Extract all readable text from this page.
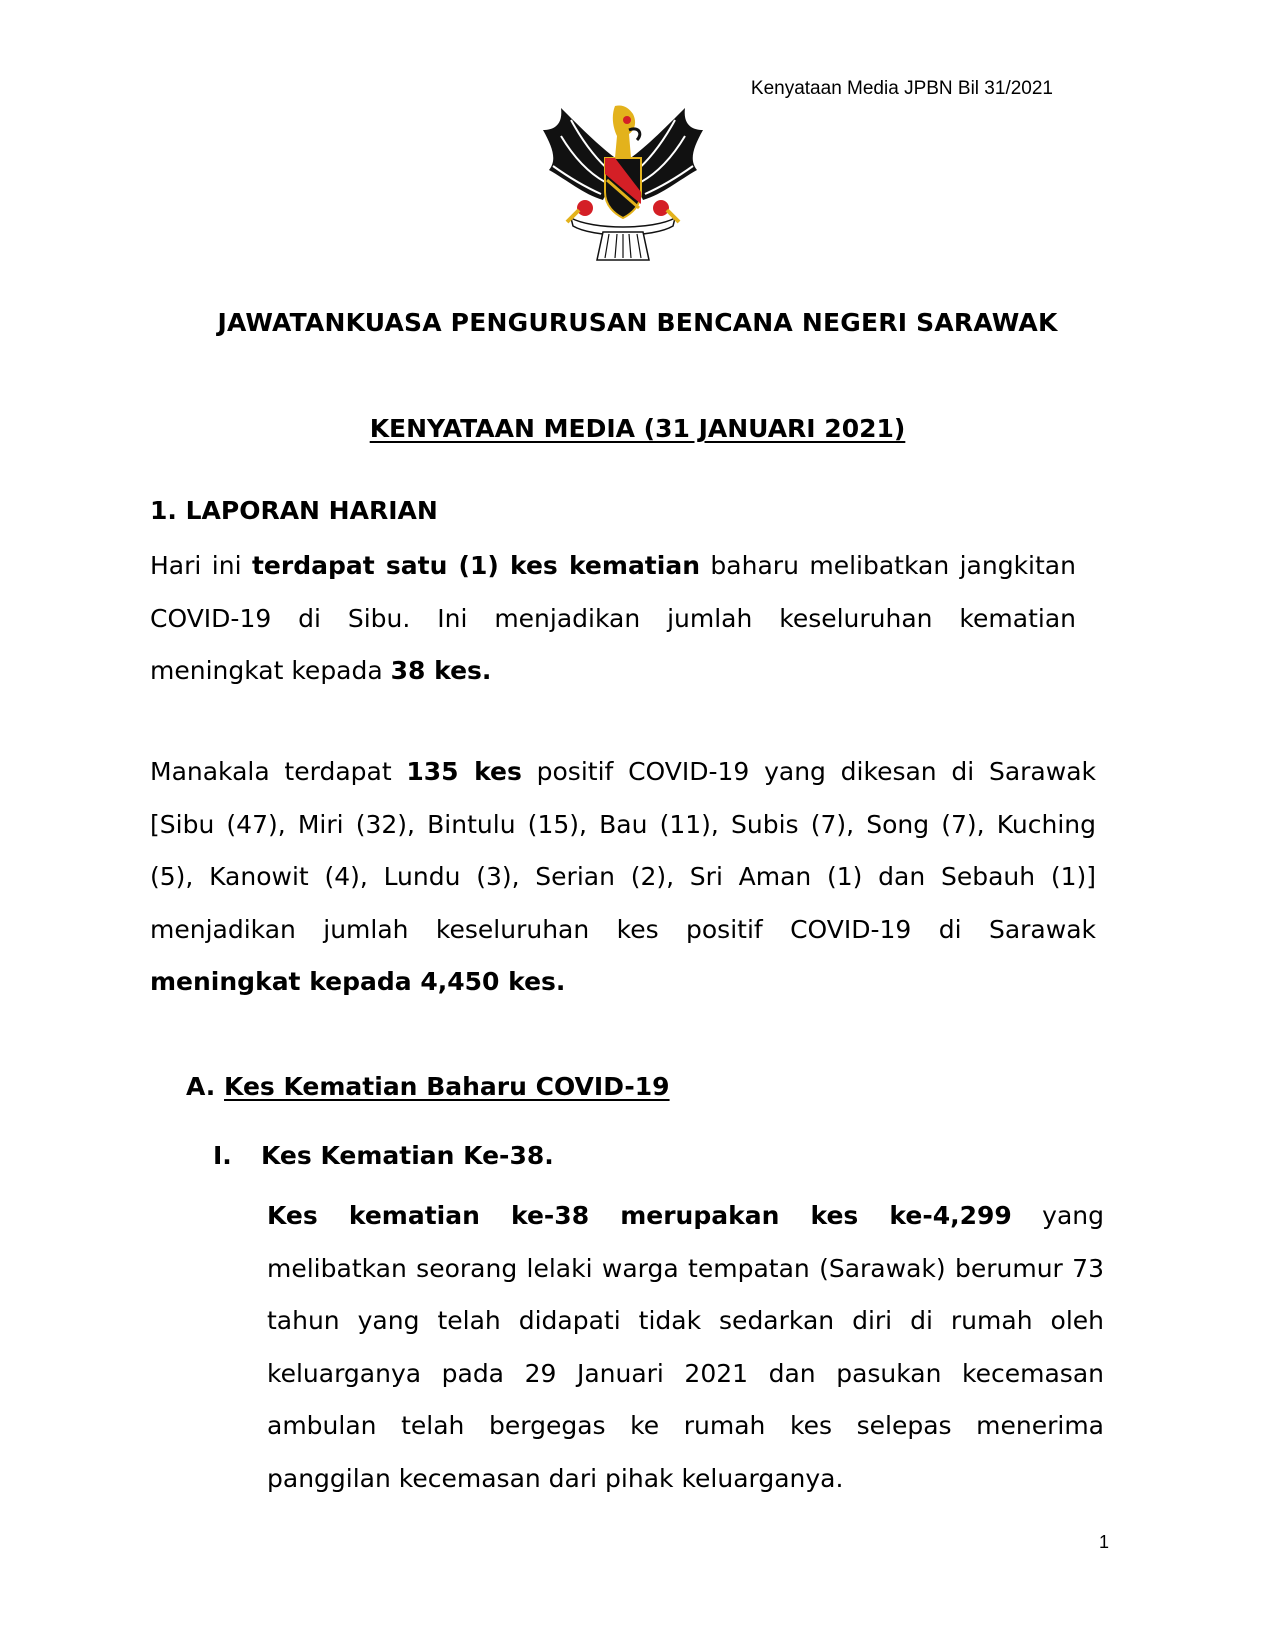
Kenyataan Media JPBN Bil 31/2021
JAWATANKUASA PENGURUSAN BENCANA NEGERI SARAWAK
KENYATAAN MEDIA (31 JANUARI 2021)
1. LAPORAN HARIAN

Hari ini terdapat satu (1) kes kematian baharu melibatkan jangkitan COVID-19 di Sibu. Ini menjadikan jumlah keseluruhan kematian meningkat kepada 38 kes.

Manakala terdapat 135 kes positif COVID-19 yang dikesan di Sarawak [Sibu (47), Miri (32), Bintulu (15), Bau (11), Subis (7), Song (7), Kuching (5), Kanowit (4), Lundu (3), Serian (2), Sri Aman (1) dan Sebauh (1)] menjadikan jumlah keseluruhan kes positif COVID-19 di Sarawak meningkat kepada 4,450 kes.

A. Kes Kematian Baharu COVID-19
I. Kes Kematian Ke-38.

Kes kematian ke-38 merupakan kes ke-4,299 yang melibatkan seorang lelaki warga tempatan (Sarawak) berumur 73 tahun yang telah didapati tidak sedarkan diri di rumah oleh keluarganya pada 29 Januari 2021 dan pasukan kecemasan ambulan telah bergegas ke rumah kes selepas menerima panggilan kecemasan dari pihak keluarganya.

1
